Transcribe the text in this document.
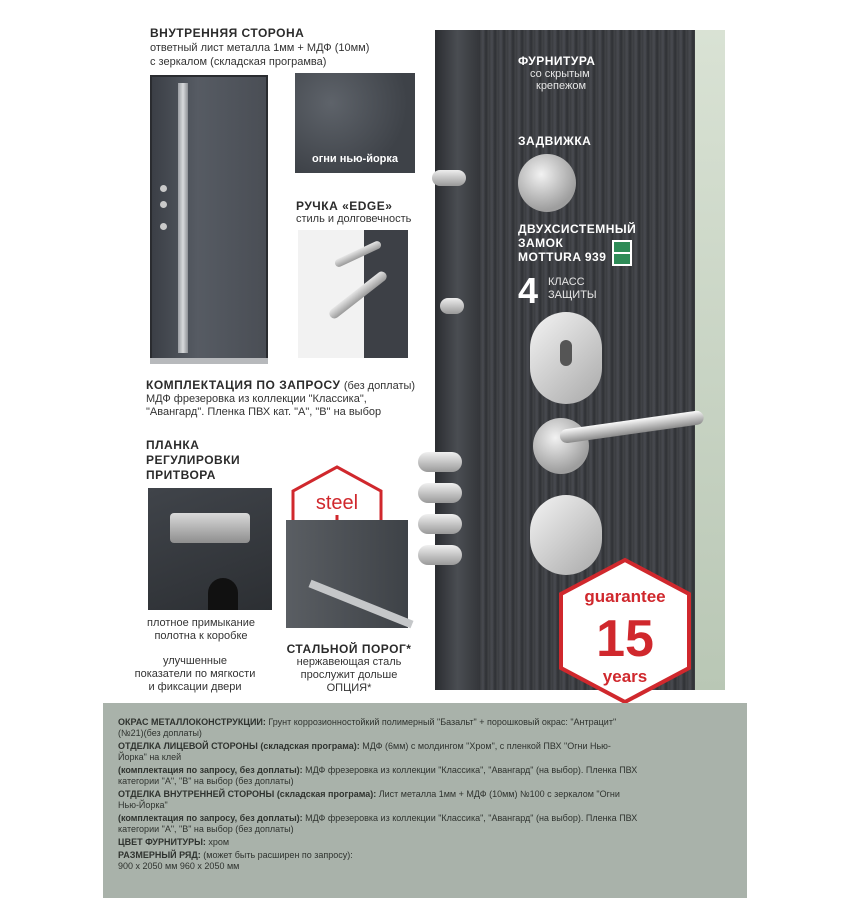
ВНУТРЕННЯЯ СТОРОНА
ответный лист металла 1мм + МДФ (10мм)
с зеркалом (складская програмва)
огни нью-йорка
РУЧКА «EDGE»
стиль и долговечность
КОМПЛЕКТАЦИЯ ПО ЗАПРОСУ (без доплаты)
МДФ фрезеровка из коллекции "Классика",
"Авангард". Пленка ПВХ кат. "А", "В" на выбор
ПЛАНКА
РЕГУЛИРОВКИ
ПРИТВОРА
steel
плотное примыкание
полотна к коробке
улучшенные
показатели по мягкости
и фиксации двери
СТАЛЬНОЙ ПОРОГ*
нержавеющая сталь
прослужит дольше
ОПЦИЯ*
ФУРНИТУРА
со скрытым
крепежом
ЗАДВИЖКА
ДВУХСИСТЕМНЫЙ
ЗАМОК
MOTTURA 939
4 КЛАСС
ЗАЩИТЫ
guarantee
15
years
ОКРАС МЕТАЛЛОКОНСТРУКЦИИ: Грунт коррозионностойкий полимерный "Базальт" + порошковый окрас: "Антрацит"
(№21)(без доплаты)
ОТДЕЛКА ЛИЦЕВОЙ СТОРОНЫ (складская програма): МДФ (6мм) с молдингом "Хром", с пленкой ПВХ "Огни Нью-
Йорка" на клей
(комплектация по запросу, без доплаты): МДФ фрезеровка из коллекции "Классика", "Авангард" (на выбор). Пленка ПВХ
категории "А", "В" на выбор (без доплаты)
ОТДЕЛКА ВНУТРЕННЕЙ СТОРОНЫ (складская програма): Лист металла 1мм + МДФ (10мм) №100 с зеркалом "Огни
Нью-Йорка"
(комплектация по запросу, без доплаты): МДФ фрезеровка из коллекции "Классика", "Авангард" (на выбор). Пленка ПВХ
категории "А", "В" на выбор (без доплаты)
ЦВЕТ ФУРНИТУРЫ: хром
РАЗМЕРНЫЙ РЯД: (может быть расширен по запросу):
900 х 2050 мм 960 х 2050 мм
